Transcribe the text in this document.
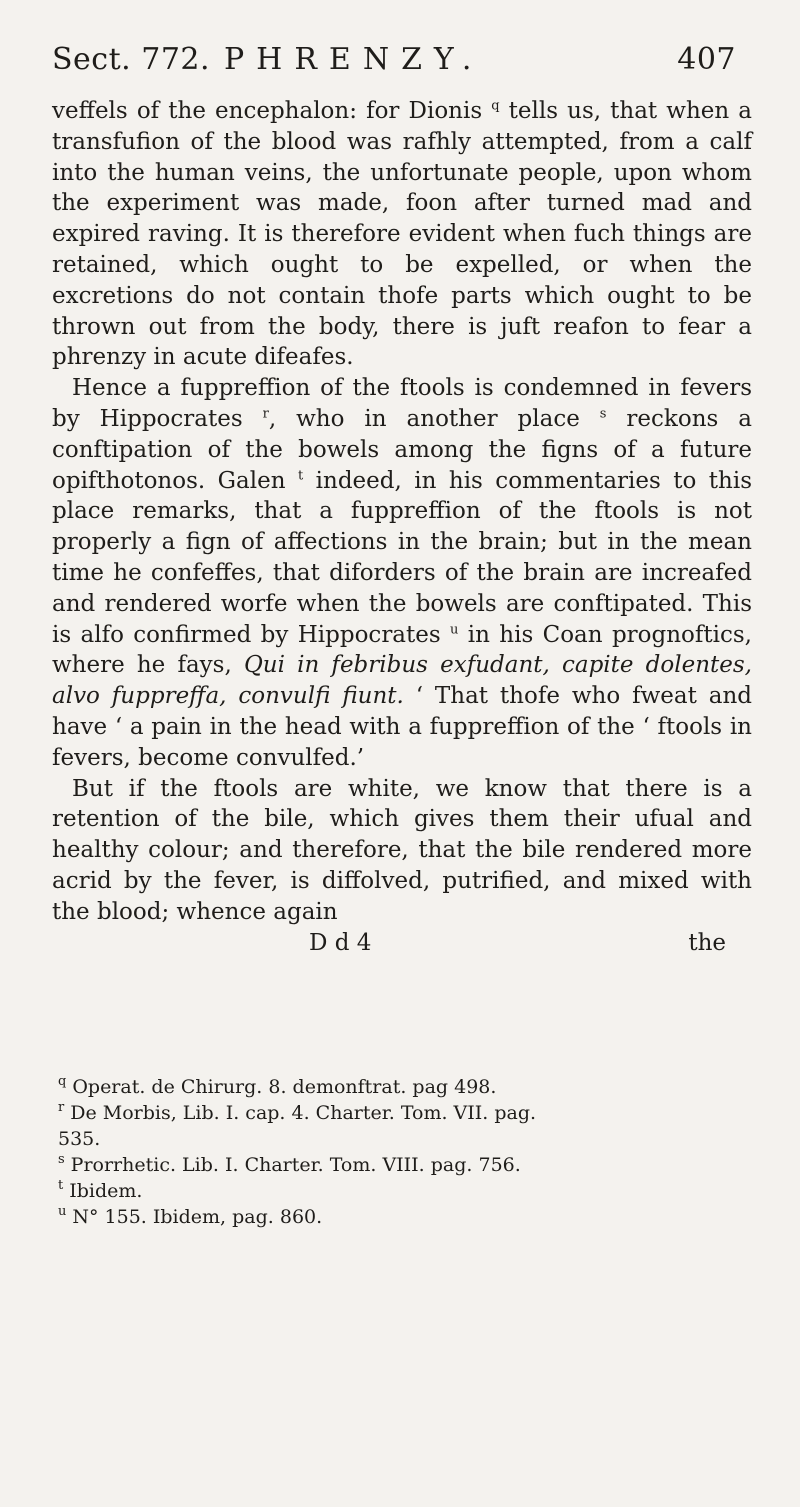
Sect. 772. PHRENZY.	407

veffels of the encephalon: for Dionis $^q$ tells us, that when a transfufion of the blood was rafhly attempted, from a calf into the human veins, the unfortunate people, upon whom the experiment was made, foon after turned mad and expired raving. It is therefore evident when fuch things are retained, which ought to be expelled, or when the excretions do not contain thofe parts which ought to be thrown out from the body, there is juft reafon to fear a phrenzy in acute difeafes.

Hence a fuppreffion of the ftools is condemned in fevers by Hippocrates $^r$, who in another place $^s$ reckons a conftipation of the bowels among the figns of a future opifthotonos. Galen $^t$ indeed, in his commentaries to this place remarks, that a fuppreffion of the ftools is not properly a fign of affections in the brain; but in the mean time he confeffes, that diforders of the brain are increafed and rendered worfe when the bowels are conftipated. This is alfo confirmed by Hippocrates $^u$ in his Coan prognoftics, where he fays, Qui in febribus exfudant, capite dolentes, alvo fuppreffa, convulfi fiunt. ‘ That thofe who fweat and have ‘ a pain in the head with a fuppreffion of the ‘ ftools in fevers, become convulfed.’

But if the ftools are white, we know that there is a retention of the bile, which gives them their ufual and healthy colour; and therefore, that the bile rendered more acrid by the fever, is diffolved, putrified, and mixed with the blood; whence again

D d 4	the
$^q$ Operat. de Chirurg. 8. demonftrat. pag 498.
$^r$ De Morbis, Lib. I. cap. 4. Charter. Tom. VII. pag.
535.
$^s$ Prorrhetic. Lib. I. Charter. Tom. VIII. pag. 756.
$^t$ Ibidem.
$^u$ N° 155. Ibidem, pag. 860.
